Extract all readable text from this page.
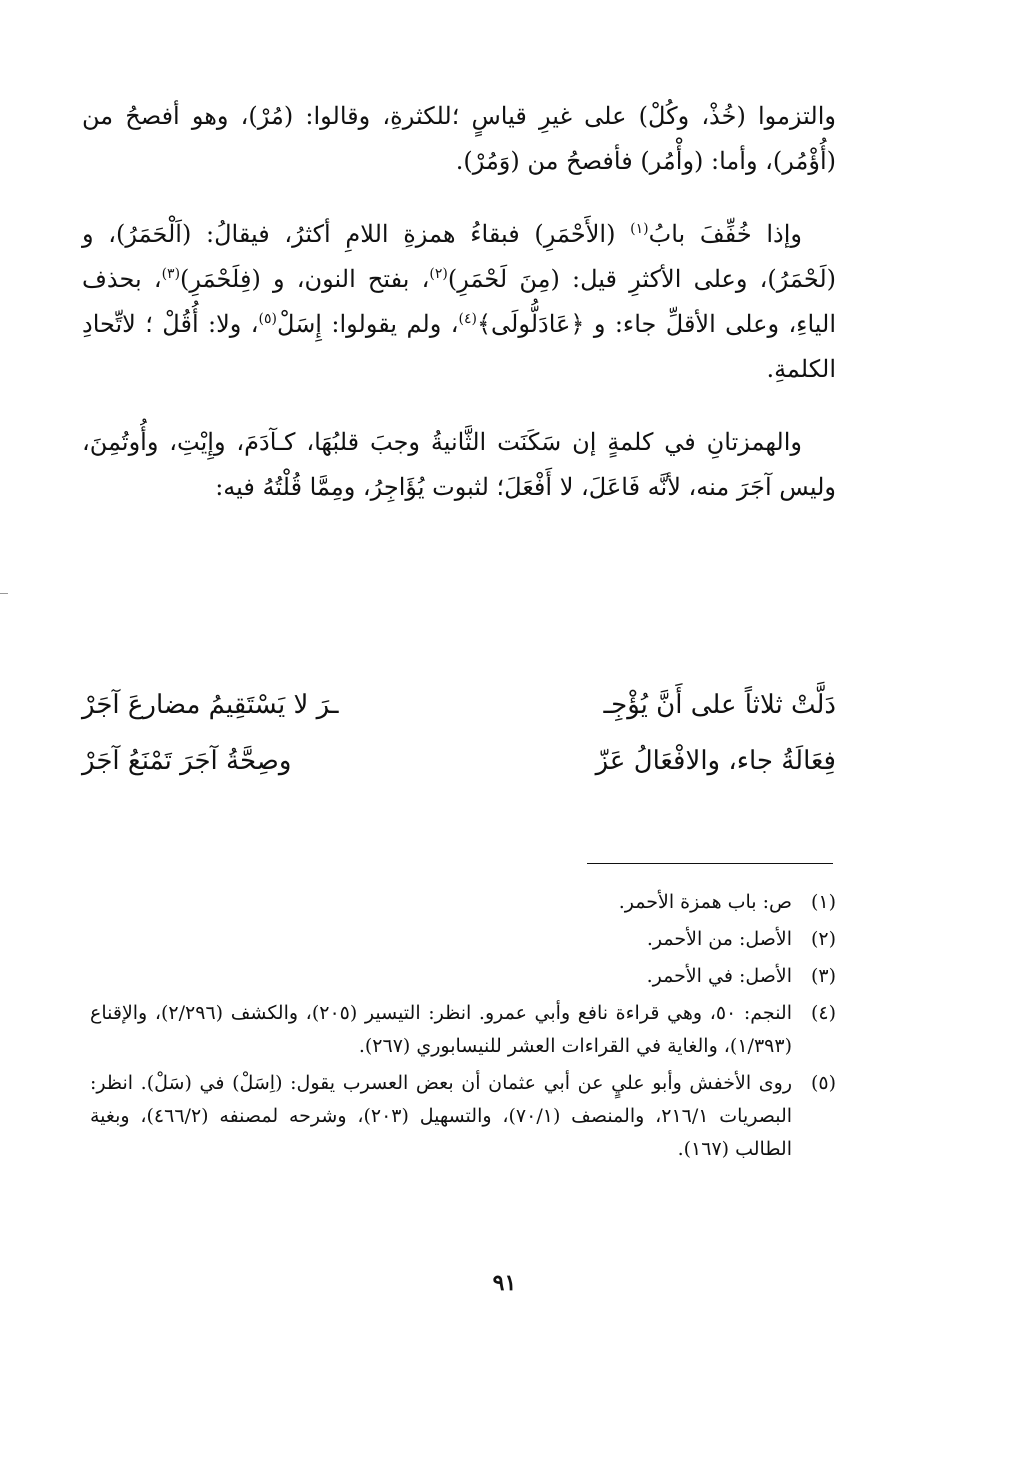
والتزموا (خُذْ، وكُلْ) على غيرِ قياسٍ ؛للكثرةِ، وقالوا: (مُرْ)، وهو أفصحُ من (أُؤْمُر)، وأما: (وأْمُر) فأفصحُ من (وَمُرْ).

وإذا خُفِّفَ بابُ$^{(١)}$ (الأَحْمَرِ) فبقاءُ همزةِ اللامِ أكثرُ، فيقالُ: (اَلْحَمَرُ)، و (لَحْمَرُ)، وعلى الأكثرِ قيل: (مِنَ لَحْمَرِ)$^{(٢)}$، بفتح النون، و (فِلَحْمَرِ)$^{(٣)}$، بحذف الياءِ، وعلى الأقلِّ جاء: و ﴿عَادَلُّولَى﴾$^{(٤)}$، ولم يقولوا: إِسَلْ$^{(٥)}$، ولا: أُقُلْ ؛ لاتِّحادِ الكلمةِ.

والهمزتانِ في كلمةٍ إن سَكَنَت الثَّانيةُ وجبَ قلبُهَا، كـآدَمَ، وإِيْتِ، وأُوتُمِنَ، وليس آجَرَ منه، لأنَّه فَاعَلَ، لا أَفْعَلَ؛ لثبوت يُؤَاجِرُ، ومِمَّا قُلْتُهُ فيه:

دَلَّتْ ثلاثاً على أَنَّ يُؤْجِـ
ـرَ لا يَسْتَقِيمُ مضارعَ آجَرْ
فِعَالَةُ جاء، والافْعَالُ عَزّ
وصِحَّةُ آجَرَ تَمْنَعُ آجَرْ
(١)
ص: باب همزة الأحمر.
(٢)
الأصل: من الأحمر.
(٣)
الأصل: في الأحمر.
(٤)
النجم: ٥٠، وهي قراءة نافع وأبي عمرو. انظر: التيسير (٢٠٥)، والكشف (٢/٢٩٦)، والإقناع (١/٣٩٣)، والغاية في القراءات العشر للنيسابوري (٢٦٧).
(٥)
روى الأخفش وأبو عليٍ عن أبي عثمان أن بعض العسرب يقول: (اِسَلْ) في (سَلْ). انظر: البصريات ٢١٦/١، والمنصف (٧٠/١)، والتسهيل (٢٠٣)، وشرحه لمصنفه (٤٦٦/٢)، وبغية الطالب (١٦٧).
٩١
